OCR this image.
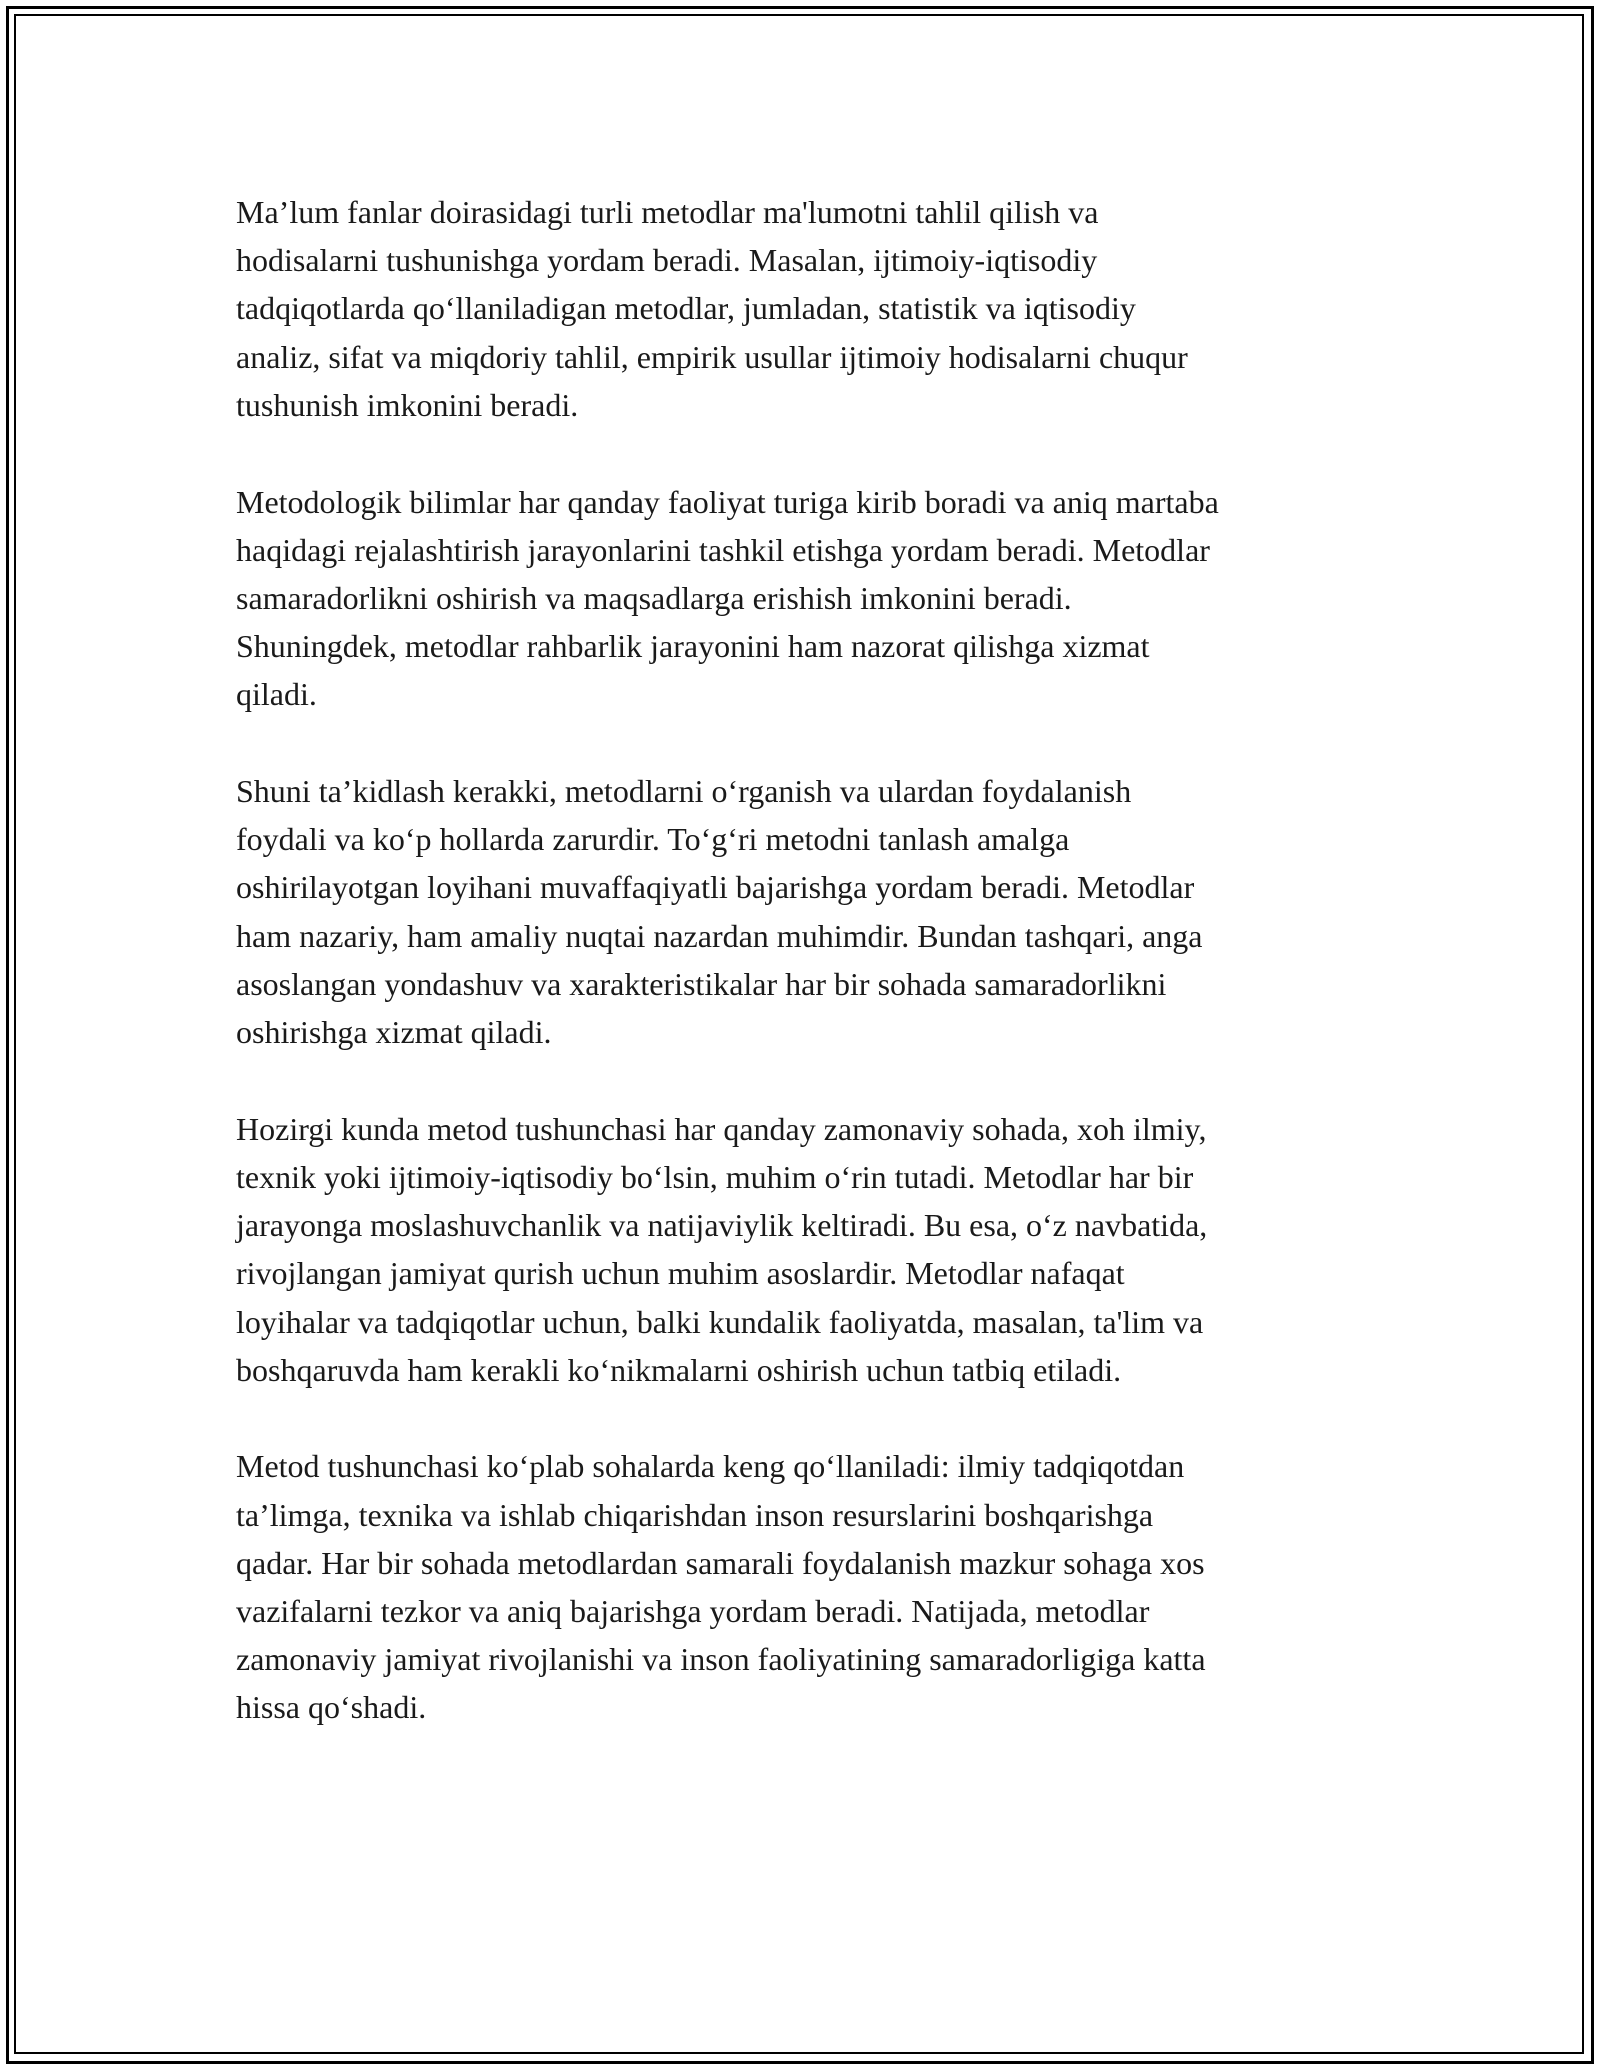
Ma’lum fanlar doirasidagi turli metodlar ma'lumotni tahlil qilish va
hodisalarni tushunishga yordam beradi. Masalan, ijtimoiy-iqtisodiy
tadqiqotlarda qo‘llaniladigan metodlar, jumladan, statistik va iqtisodiy
analiz, sifat va miqdoriy tahlil, empirik usullar ijtimoiy hodisalarni chuqur
tushunish imkonini beradi.

Metodologik bilimlar har qanday faoliyat turiga kirib boradi va aniq martaba
haqidagi rejalashtirish jarayonlarini tashkil etishga yordam beradi. Metodlar
samaradorlikni oshirish va maqsadlarga erishish imkonini beradi.
Shuningdek, metodlar rahbarlik jarayonini ham nazorat qilishga xizmat
qiladi.

Shuni ta’kidlash kerakki, metodlarni o‘rganish va ulardan foydalanish
foydali va ko‘p hollarda zarurdir. To‘g‘ri metodni tanlash amalga
oshirilayotgan loyihani muvaffaqiyatli bajarishga yordam beradi. Metodlar
ham nazariy, ham amaliy nuqtai nazardan muhimdir. Bundan tashqari, anga
asoslangan yondashuv va xarakteristikalar har bir sohada samaradorlikni
oshirishga xizmat qiladi.

Hozirgi kunda metod tushunchasi har qanday zamonaviy sohada, xoh ilmiy,
texnik yoki ijtimoiy-iqtisodiy bo‘lsin, muhim o‘rin tutadi. Metodlar har bir
jarayonga moslashuvchanlik va natijaviylik keltiradi. Bu esa, o‘z navbatida,
rivojlangan jamiyat qurish uchun muhim asoslardir. Metodlar nafaqat
loyihalar va tadqiqotlar uchun, balki kundalik faoliyatda, masalan, ta'lim va
boshqaruvda ham kerakli ko‘nikmalarni oshirish uchun tatbiq etiladi.

Metod tushunchasi ko‘plab sohalarda keng qo‘llaniladi: ilmiy tadqiqotdan
ta’limga, texnika va ishlab chiqarishdan inson resurslarini boshqarishga
qadar. Har bir sohada metodlardan samarali foydalanish mazkur sohaga xos
vazifalarni tezkor va aniq bajarishga yordam beradi. Natijada, metodlar
zamonaviy jamiyat rivojlanishi va inson faoliyatining samaradorligiga katta
hissa qo‘shadi.
